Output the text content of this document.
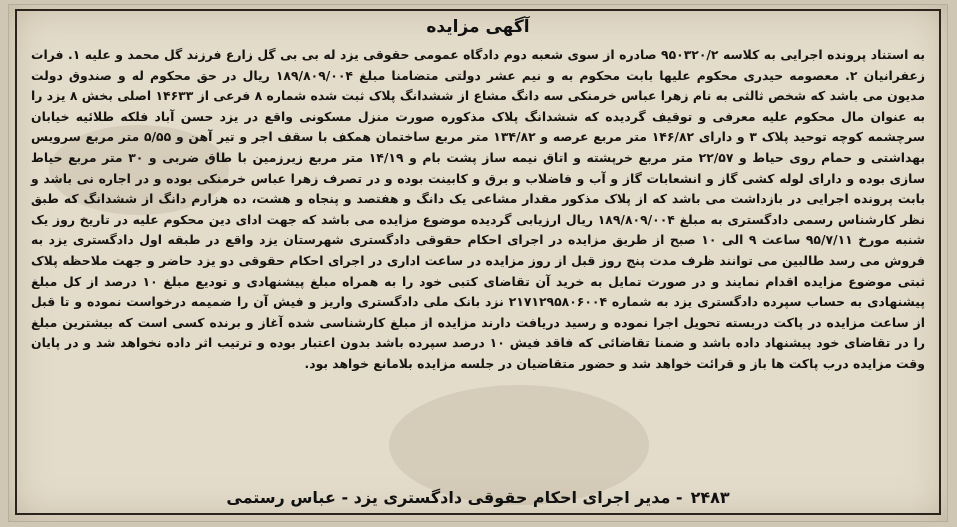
آگهی مزایده
به استناد پرونده اجرایی به کلاسه ۹۵۰۳۲۰/۲ صادره از سوی شعبه دوم دادگاه عمومی حقوقی یزد له بی بی گل زارع فرزند گل محمد و علیه ۱. فرات زعفرانیان ۲. معصومه حیدری محکوم علیها بابت محکوم به و نیم عشر دولتی متضامنا مبلغ ۱۸۹/۸۰۹/۰۰۴ ریال در حق محکوم له و صندوق دولت مدیون می باشد که شخص ثالثی به نام زهرا عباس خرمنکی سه دانگ مشاع از ششدانگ پلاک ثبت شده شماره ۸ فرعی از ۱۴۶۳۳ اصلی بخش ۸ یزد را به عنوان مال محکوم علیه معرفی و توقیف گردیده که ششدانگ پلاک مذکوره صورت منزل مسکونی واقع در یزد حسن آباد فلکه طلائیه خیابان سرچشمه کوچه توحید پلاک ۳ و دارای ۱۴۶/۸۲ متر مربع عرصه و ۱۳۴/۸۲ متر مربع ساختمان همکف با سقف اجر و تیر آهن و ۵/۵۵ متر مربع سرویس بهداشتی و حمام روی حیاط و ۲۲/۵۷ متر مربع خرپشته و اتاق نیمه ساز پشت بام و ۱۴/۱۹ متر مربع زیرزمین با طاق ضربی و ۳۰ متر مربع حیاط سازی بوده و دارای لوله کشی گاز و انشعابات گاز و آب و فاضلاب و برق و کابینت بوده و در تصرف زهرا عباس خرمنکی بوده و در اجاره نی باشد و بابت پرونده اجرایی در بازداشت می باشد که از پلاک مذکور مقدار مشاعی یک دانگ و هفتصد و پنجاه و هشت، ده هزارم دانگ از ششدانگ که طبق نظر کارشناس رسمی دادگستری به مبلغ ۱۸۹/۸۰۹/۰۰۴ ریال ارزیابی گردیده موضوع مزایده می باشد که جهت ادای دین محکوم علیه در تاریخ روز یک شنبه مورخ ۹۵/۷/۱۱ ساعت ۹ الی ۱۰ صبح از طریق مزایده در اجرای احکام حقوقی دادگستری شهرستان یزد واقع در طبقه اول دادگستری یزد به فروش می رسد طالبین می توانند ظرف مدت پنج روز قبل از روز مزایده در ساعت اداری در اجرای احکام حقوقی دو یزد حاضر و جهت ملاحظه پلاک ثبتی موضوع مزایده اقدام نمایند و در صورت تمایل به خرید آن تقاضای کتبی خود را به همراه مبلغ پیشنهادی و تودیع مبلغ ۱۰ درصد از کل مبلغ پیشنهادی به حساب سپرده دادگستری یزد به شماره ۲۱۷۱۲۹۵۸۰۶۰۰۴ نزد بانک ملی دادگستری واریز و فیش آن را ضمیمه درخواست نموده و تا قبل از ساعت مزایده در پاکت دربسته تحویل اجرا نموده و رسید دریافت دارند مزایده از مبلغ کارشناسی شده آغاز و برنده کسی است که بیشترین مبلغ را در تقاضای خود پیشنهاد داده باشد و ضمنا تقاضائی که فاقد فیش ۱۰ درصد سپرده باشد بدون اعتبار بوده و ترتیب اثر داده نخواهد شد و در پایان وقت مزایده درب پاکت ها باز و قرائت خواهد شد و حضور متقاضیان در جلسه مزایده بلامانع خواهد بود.
۲۴۸۳- مدیر اجرای احکام حقوقی دادگستری یزد - عباس رستمی
